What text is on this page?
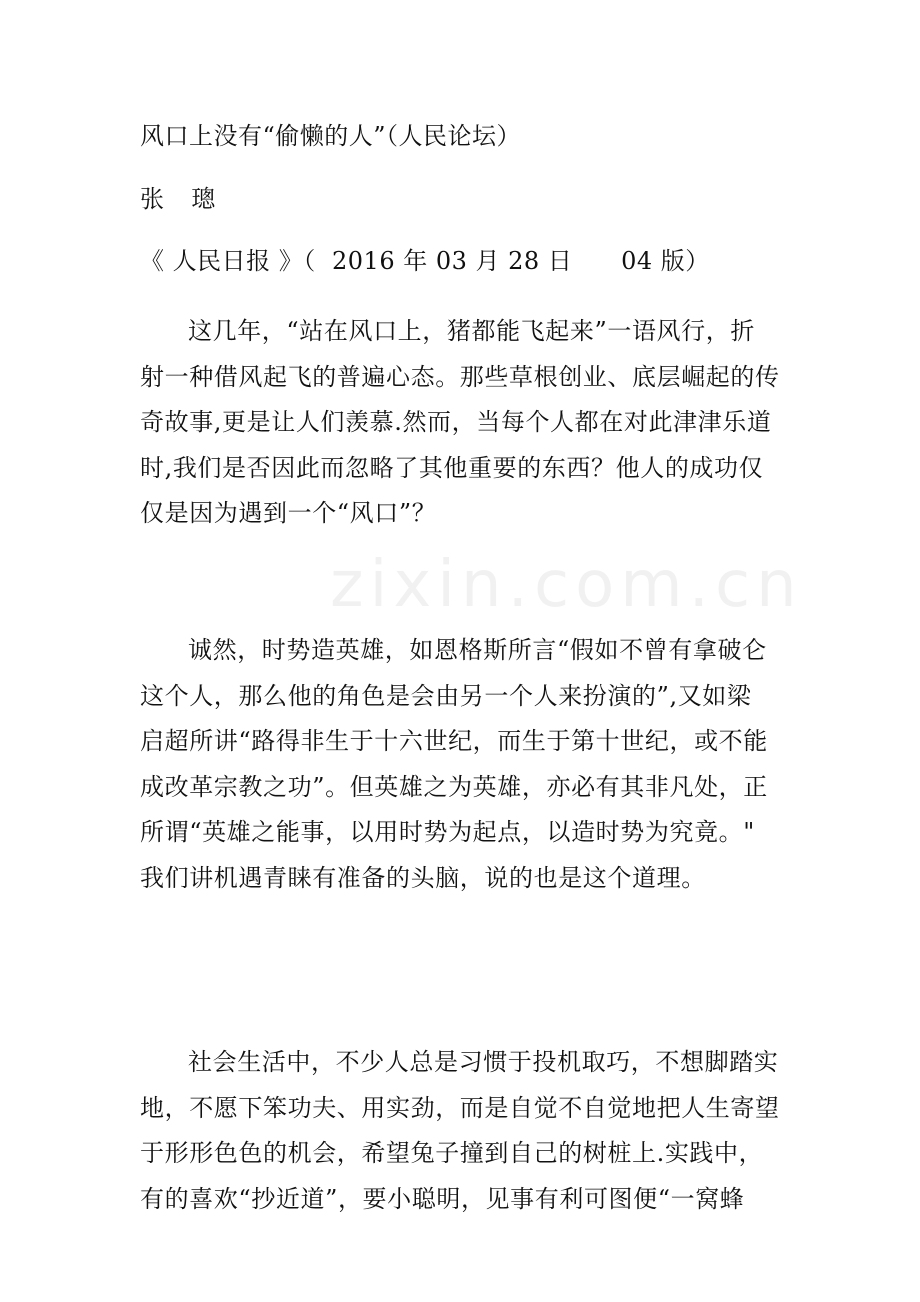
zixin.com.cn
风口上没有“偷懒的人”（人民论坛）
张  璁
《 人民日报 》（  2016 年 03 月 28 日      04 版）
这几年，“站在风口上，猪都能飞起来”一语风行，折
射一种借风起飞的普遍心态。那些草根创业、底层崛起的传
奇故事,更是让人们羡慕.然而，当每个人都在对此津津乐道
时,我们是否因此而忽略了其他重要的东西？他人的成功仅
仅是因为遇到一个“风口”？
诚然，时势造英雄，如恩格斯所言“假如不曾有拿破仑
这个人，那么他的角色是会由另一个人来扮演的”,又如梁
启超所讲“路得非生于十六世纪，而生于第十世纪，或不能
成改革宗教之功”。但英雄之为英雄，亦必有其非凡处，正
所谓“英雄之能事，以用时势为起点，以造时势为究竟。"
我们讲机遇青睐有准备的头脑，说的也是这个道理。
社会生活中，不少人总是习惯于投机取巧，不想脚踏实
地，不愿下笨功夫、用实劲，而是自觉不自觉地把人生寄望
于形形色色的机会，希望兔子撞到自己的树桩上.实践中，
有的喜欢“抄近道”，要小聪明，见事有利可图便“一窝蜂
